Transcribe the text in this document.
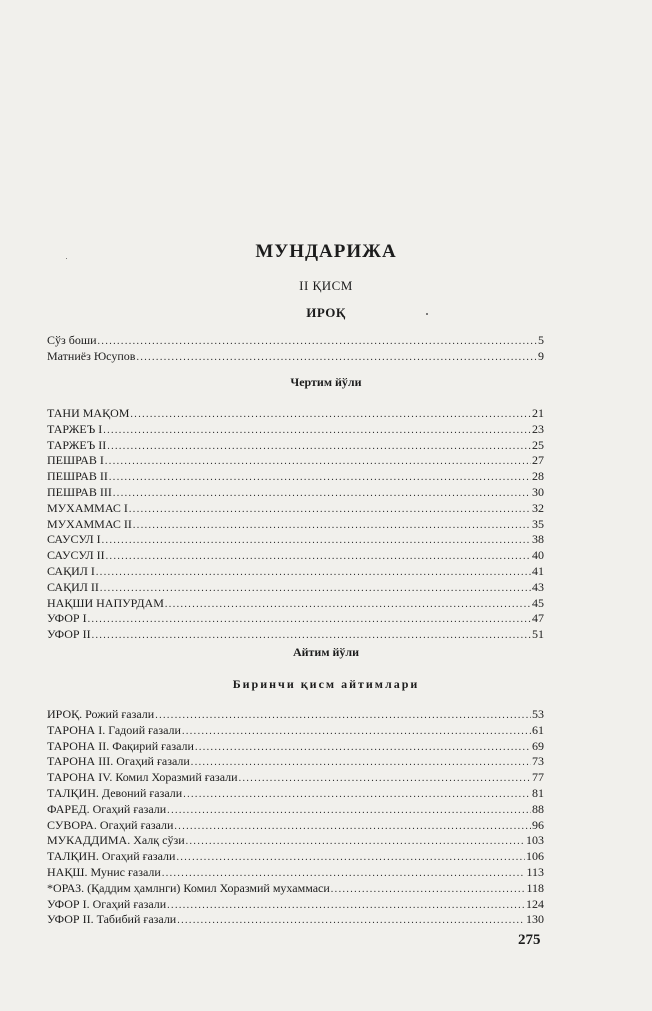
МУНДАРИЖА
II ҚИСМ
ИРОҚ
Сўз боши .....	5
Матниёз Юсупов .....	9
Чертим йўли
ТАНИ МАҚОМ .....	21
ТАРЖЕЪ I .....	23
ТАРЖЕЪ II .....	25
ПЕШРАВ I .....	27
ПЕШРАВ II .....	28
ПЕШРАВ III .....	30
МУХАММАС I .....	32
МУХАММАС II .....	35
САУСУЛ I .....	38
САУСУЛ II .....	40
САҚИЛ I .....	41
САҚИЛ II .....	43
НАҚШИ НАПУРДАМ .....	45
УФОР I .....	47
УФОР II .....	51
Айтим йўли
Биринчи қисм айтимлари
ИРОҚ. Рожий ғазали .....	53
ТАРОНА I. Гадоий ғазали .....	61
ТАРОНА II. Фақирий ғазали .....	69
ТАРОНА III. Огаҳий ғазали .....	73
ТАРОНА IV. Комил Хоразмий ғазали .....	77
ТАЛҚИН. Девоний ғазали .....	81
ФАРЕД. Огаҳий ғазали .....	88
СУВОРА. Огаҳий ғазали .....	96
МУКАДДИМА. Халқ сўзи .....	103
ТАЛҚИН. Огаҳий ғазали .....	106
НАҚШ. Мунис ғазали .....	113
*ОРАЗ. (Қаддим ҳамлнги) Комил Хоразмий мухаммаси .....	118
УФОР I. Огаҳий ғазали .....	124
УФОР II. Табибий ғазали .....	130
275
